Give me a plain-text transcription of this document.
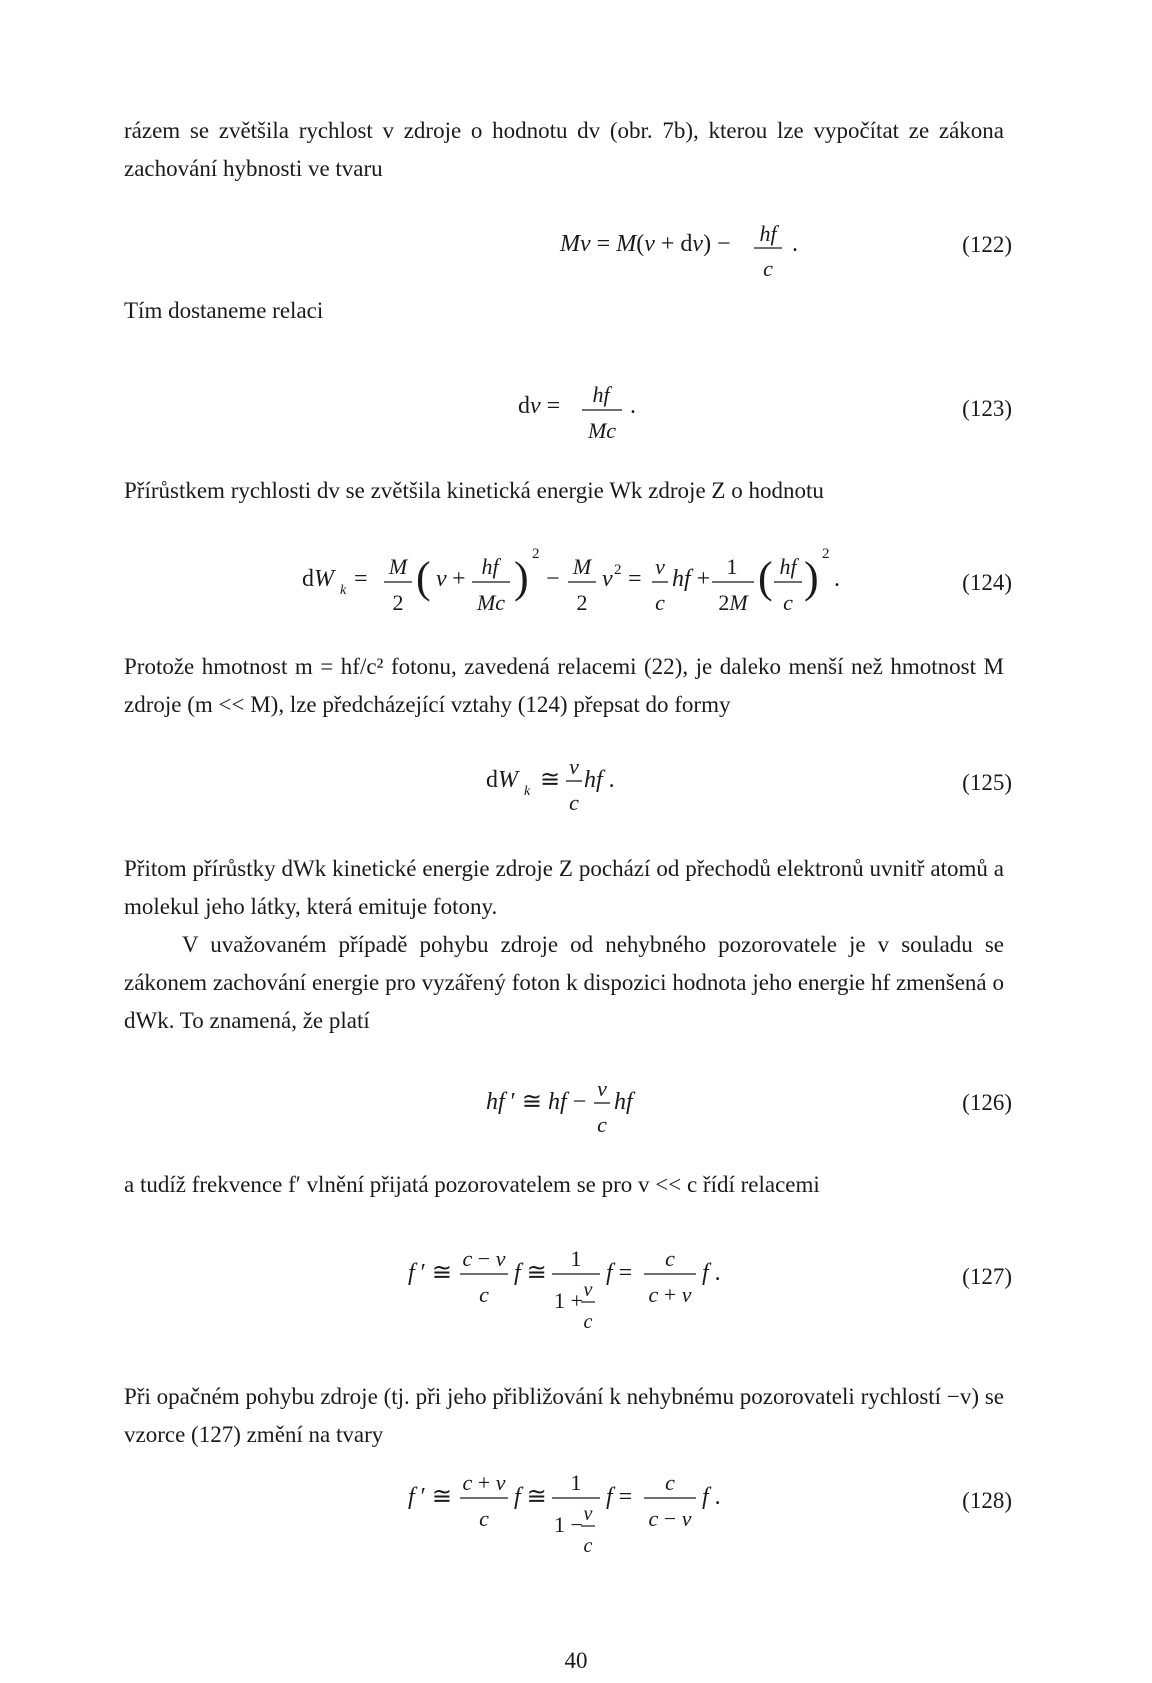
rázem se zvětšila rychlost v zdroje o hodnotu dv (obr. 7b), kterou lze vypočítat ze zákona zachování hybnosti ve tvaru
Mv = M(v + dv) − hf
c
.	(122)
Tím dostaneme relaci
dv = hf
Mc
.	(123)
Přírůstkem rychlosti dv se zvětšila kinetická energie Wk zdroje Z o hodnotu
dW k = M
2
( v + hf
Mc
) 2
− M
2
v 2 = v
c
hf + 1
2M
( hf
c
) 2
.	(124)
Protože hmotnost m = hf/c² fotonu, zavedená relacemi (22), je daleko menší než hmotnost M zdroje (m << M), lze předcházející vztahy (124) přepsat do formy
dW k ≅
v
c
hf .	(125)
Přitom přírůstky dWk kinetické energie zdroje Z pochází od přechodů elektronů uvnitř atomů a molekul jeho látky, která emituje fotony.
V uvažovaném případě pohybu zdroje od nehybného pozorovatele je v souladu se zákonem zachování energie pro vyzářený foton k dispozici hodnota jeho energie hf zmenšená o dWk. To znamená, že platí
hf ′ ≅ hf −
v
c
hf	(126)
a tudíž frekvence f′ vlnění přijatá pozorovatelem se pro v << c řídí relacemi
f ′ ≅
c − v
c
f ≅
1
1 + v
c
f =
c
c + v
f .	(127)
Při opačném pohybu zdroje (tj. při jeho přibližování k nehybnému pozorovateli rychlostí −v) se vzorce (127) změní na tvary
f ′ ≅
c + v
c
f ≅
1
1 − v
c
f =
c
c − v
f .	(128)
40
